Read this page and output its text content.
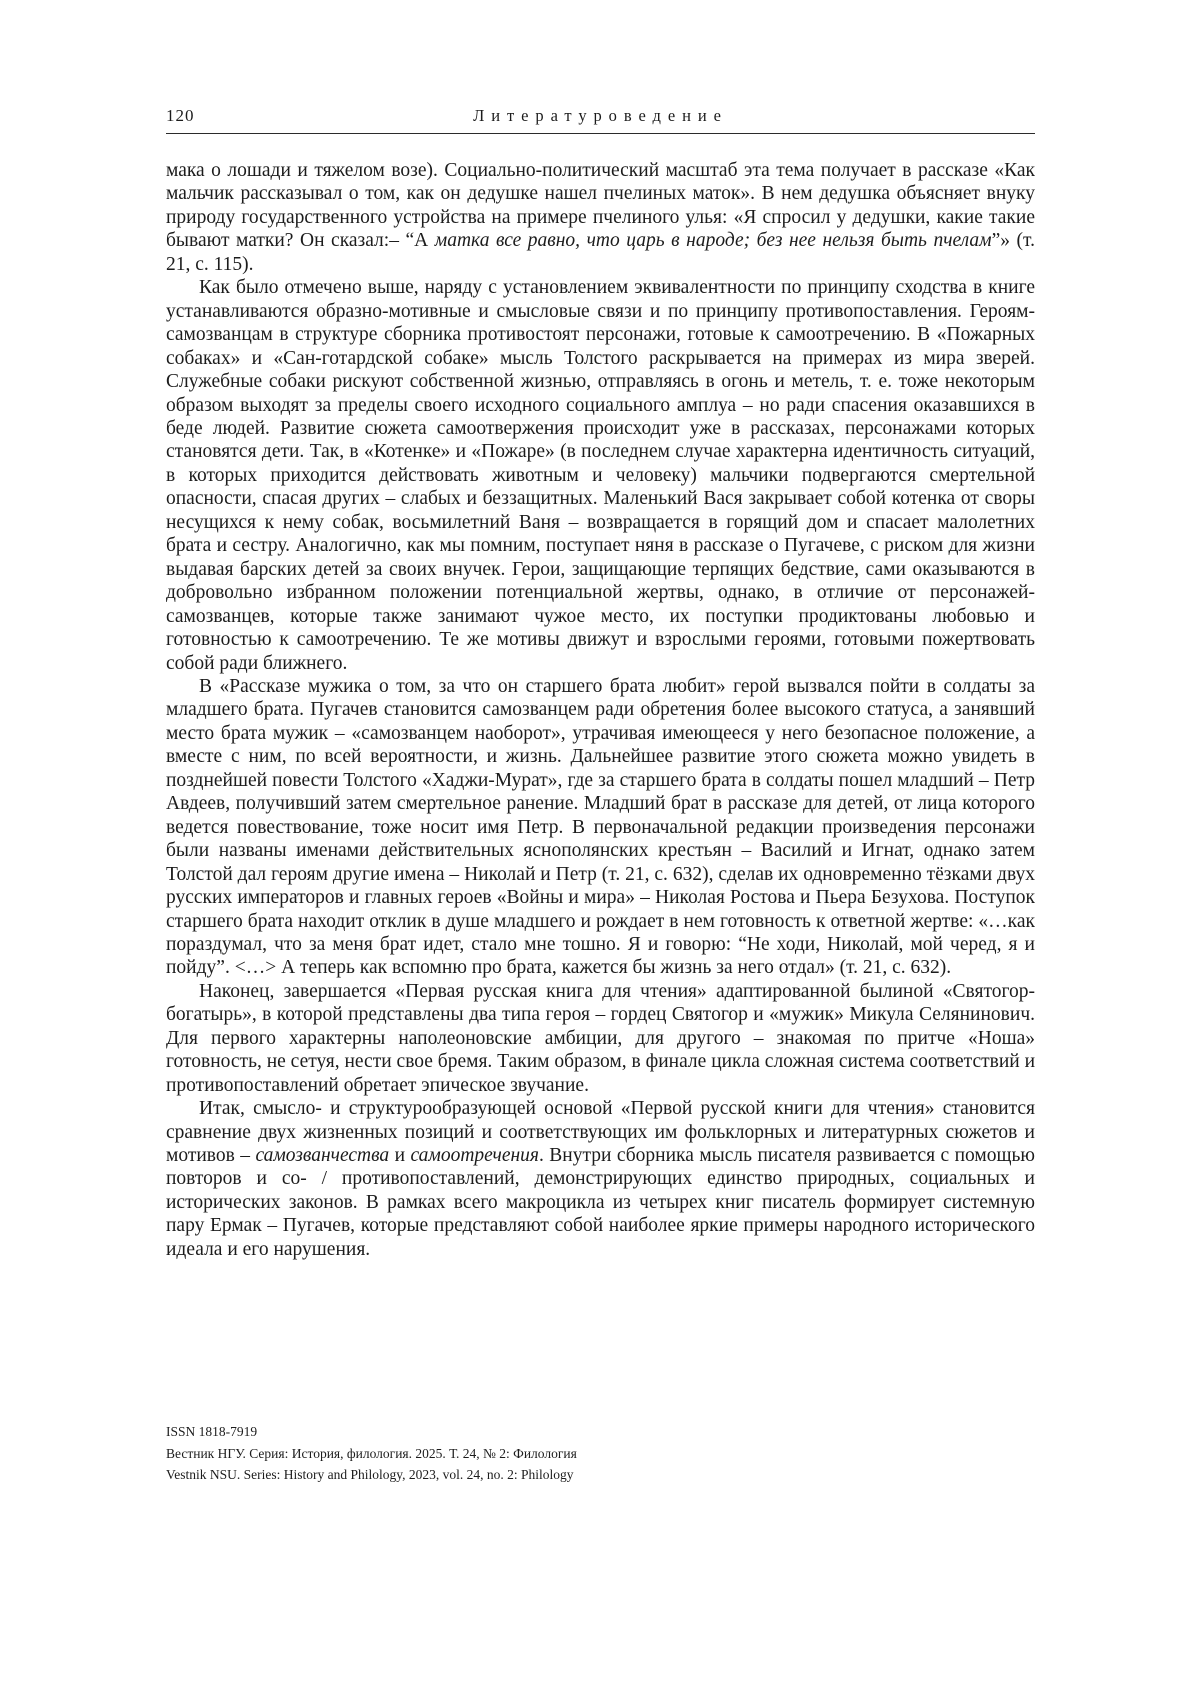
120	Литературоведение

мака о лошади и тяжелом возе). Социально-политический масштаб эта тема получает в рассказе «Как мальчик рассказывал о том, как он дедушке нашел пчелиных маток». В нем дедушка объясняет внуку природу государственного устройства на примере пчелиного улья: «Я спросил у дедушки, какие такие бывают матки? Он сказал:– “А матка все равно, что царь в народе; без нее нельзя быть пчелам”» (т. 21, с. 115).

Как было отмечено выше, наряду с установлением эквивалентности по принципу сходства в книге устанавливаются образно-мотивные и смысловые связи и по принципу противопоставления. Героям-самозванцам в структуре сборника противостоят персонажи, готовые к самоотречению. В «Пожарных собаках» и «Сан-готардской собаке» мысль Толстого раскрывается на примерах из мира зверей. Служебные собаки рискуют собственной жизнью, отправляясь в огонь и метель, т. е. тоже некоторым образом выходят за пределы своего исходного социального амплуа – но ради спасения оказавшихся в беде людей. Развитие сюжета самоотвержения происходит уже в рассказах, персонажами которых становятся дети. Так, в «Котенке» и «Пожаре» (в последнем случае характерна идентичность ситуаций, в которых приходится действовать животным и человеку) мальчики подвергаются смертельной опасности, спасая других – слабых и беззащитных. Маленький Вася закрывает собой котенка от своры несущихся к нему собак, восьмилетний Ваня – возвращается в горящий дом и спасает малолетних брата и сестру. Аналогично, как мы помним, поступает няня в рассказе о Пугачеве, с риском для жизни выдавая барских детей за своих внучек. Герои, защищающие терпящих бедствие, сами оказываются в добровольно избранном положении потенциальной жертвы, однако, в отличие от персонажей-самозванцев, которые также занимают чужое место, их поступки продиктованы любовью и готовностью к самоотречению. Те же мотивы движут и взрослыми героями, готовыми пожертвовать собой ради ближнего.

В «Рассказе мужика о том, за что он старшего брата любит» герой вызвался пойти в солдаты за младшего брата. Пугачев становится самозванцем ради обретения более высокого статуса, а занявший место брата мужик – «самозванцем наоборот», утрачивая имеющееся у него безопасное положение, а вместе с ним, по всей вероятности, и жизнь. Дальнейшее развитие этого сюжета можно увидеть в позднейшей повести Толстого «Хаджи-Мурат», где за старшего брата в солдаты пошел младший – Петр Авдеев, получивший затем смертельное ранение. Младший брат в рассказе для детей, от лица которого ведется повествование, тоже носит имя Петр. В первоначальной редакции произведения персонажи были названы именами действительных яснополянских крестьян – Василий и Игнат, однако затем Толстой дал героям другие имена – Николай и Петр (т. 21, с. 632), сделав их одновременно тёзками двух русских императоров и главных героев «Войны и мира» – Николая Ростова и Пьера Безухова. Поступок старшего брата находит отклик в душе младшего и рождает в нем готовность к ответной жертве: «…как пораздумал, что за меня брат идет, стало мне тошно. Я и говорю: “Не ходи, Николай, мой черед, я и пойду”. <…> А теперь как вспомню про брата, кажется бы жизнь за него отдал» (т. 21, с. 632).

Наконец, завершается «Первая русская книга для чтения» адаптированной былиной «Святогор-богатырь», в которой представлены два типа героя – гордец Святогор и «мужик» Микула Селянинович. Для первого характерны наполеоновские амбиции, для другого – знакомая по притче «Ноша» готовность, не сетуя, нести свое бремя. Таким образом, в финале цикла сложная система соответствий и противопоставлений обретает эпическое звучание.

Итак, смысло- и структурообразующей основой «Первой русской книги для чтения» становится сравнение двух жизненных позиций и соответствующих им фольклорных и литературных сюжетов и мотивов – самозванчества и самоотречения. Внутри сборника мысль писателя развивается с помощью повторов и со- / противопоставлений, демонстрирующих единство природных, социальных и исторических законов. В рамках всего макроцикла из четырех книг писатель формирует системную пару Ермак – Пугачев, которые представляют собой наиболее яркие примеры народного исторического идеала и его нарушения.

ISSN 1818-7919
Вестник НГУ. Серия: История, филология. 2025. Т. 24, № 2: Филология
Vestnik NSU. Series: History and Philology, 2023, vol. 24, no. 2: Philology
